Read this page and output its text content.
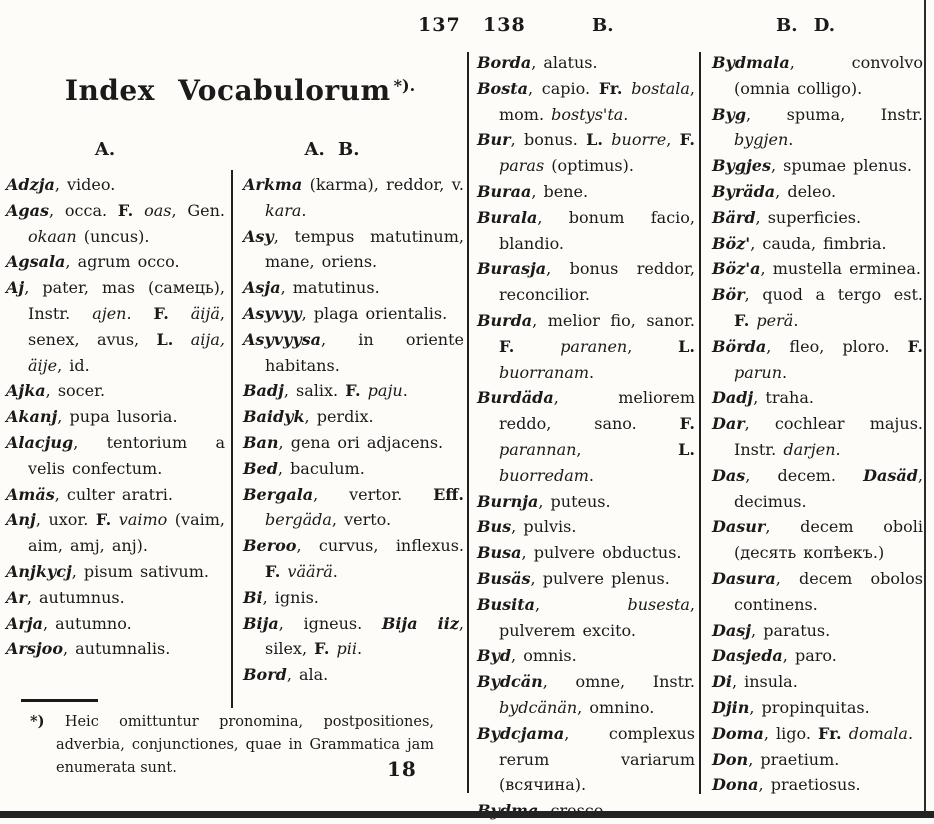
137
Index Vocabulorum *).
A.	A. B.

Adzja, video.

Agas, occa. F. oas, Gen. okaan (uncus).

Agsala, agrum occo.

Aj, pater, mas (самець), Instr. ajen. F. äijä, senex, avus, L. aija, äije, id.

Ajka, socer.

Akanj, pupa lusoria.

Alacjug, tentorium a velis confectum.

Amäs, culter aratri.

Anj, uxor. F. vaimo (vaim, aim, amj, anj).

Anjkycj, pisum sativum.

Ar, autumnus.

Arja, autumno.

Arsjoo, autumnalis.

Arkma (karma), reddor, v. kara.

Asy, tempus matutinum, mane, oriens.

Asja, matutinus.

Asyvyy, plaga orientalis.

Asyvyysa, in oriente habitans.

Badj, salix. F. paju.

Baidyk, perdix.

Ban, gena ori adjacens.

Bed, baculum.

Bergala, vertor. Eff. bergäda, verto.

Beroo, curvus, inflexus. F. väärä.

Bi, ignis.

Bija, igneus. Bija iiz, silex, F. pii.

Bord, ala.

*) Heic omittuntur pronomina, postpositiones, adverbia, conjunctiones, quae in Grammatica jam enumerata sunt.	18
138	B.	B. D.

Borda, alatus.

Bosta, capio. Fr. bostala, mom. bostys'ta.

Bur, bonus. L. buorre, F. paras (optimus).

Buraa, bene.

Burala, bonum facio, blandio.

Burasja, bonus reddor, reconcilior.

Burda, melior fio, sanor. F.	paranen, L. buorranam.

Burdäda, meliorem reddo, sano. F. parannan, L. buorredam.

Burnja, puteus.

Bus, pulvis.

Busa, pulvere obductus.

Busäs, pulvere plenus.

Busita, busesta, pulverem excito.

Byd, omnis.

Bydcän, omne, Instr. bydcänän, omnino.

Bydcjama, complexus rerum variarum (всячина).

Bydmala, convolvo (omnia colligo).

Byg, spuma, Instr. bygjen.

Bygjes, spumae plenus.

Byräda, deleo.

Bärd, superficies.

Böz', cauda, fimbria.

Böz'a, mustella erminea.

Bör, quod a tergo est. F. perä.

Börda, fleo, ploro. F. parun.

Dadj, traha.

Dar, cochlear majus. Instr. darjen.

Das, decem. Dasäd, decimus.

Dasur, decem oboli (десять копѣекъ.)

Dasura, decem obolos continens.

Dasj, paratus.

Dasjeda, paro.

Di, insula.

Djin, propinquitas.

Doma, ligo. Fr. domala.

Don, praetium.

Dona, praetiosus.
